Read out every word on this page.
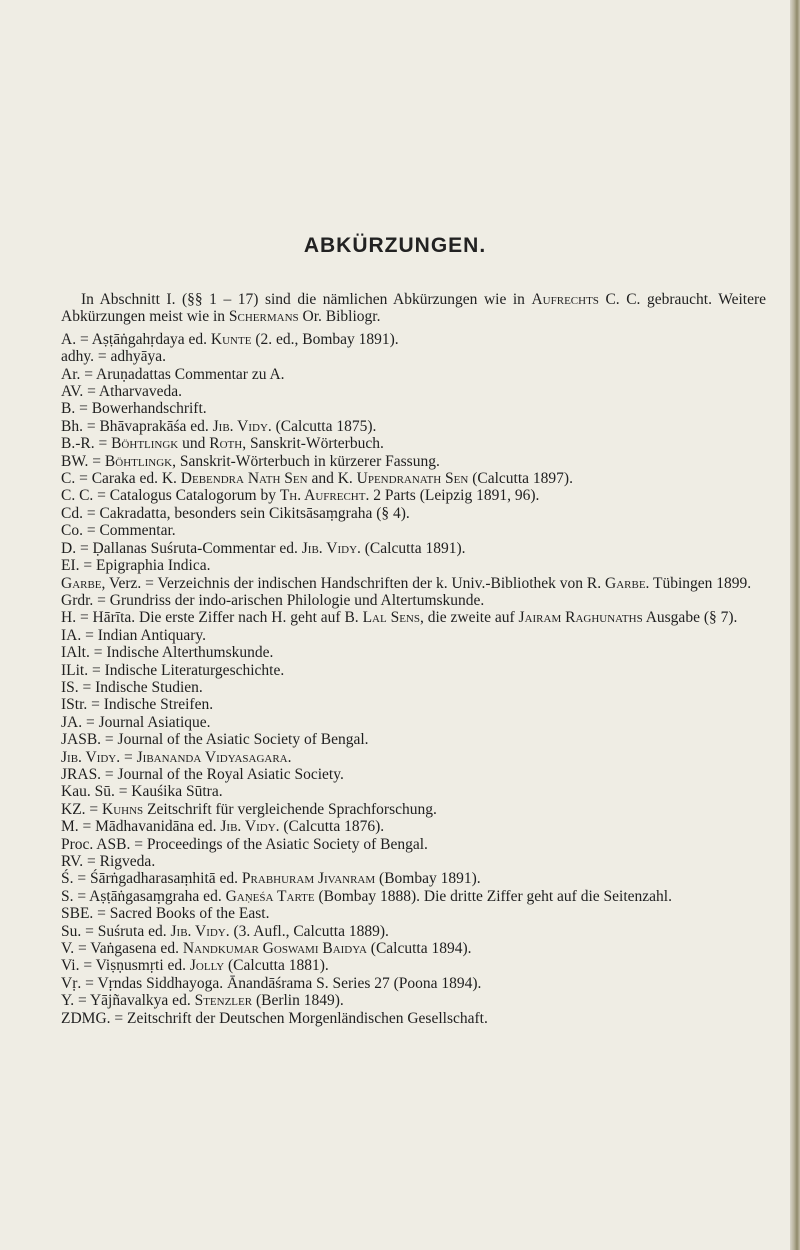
ABKÜRZUNGEN.

In Abschnitt I. (§§ 1 – 17) sind die nämlichen Abkürzungen wie in Aufrechts C. C. gebraucht. Weitere Abkürzungen meist wie in Schermans Or. Bibliogr.

A. = Aṣṭāṅgahṛdaya ed. Kunte (2. ed., Bombay 1891).
adhy. = adhyāya.
Ar. = Aruṇadattas Commentar zu A.
AV. = Atharvaveda.
B. = Bowerhandschrift.
Bh. = Bhāvaprakāśa ed. Jib. Vidy. (Calcutta 1875).
B.-R. = Böhtlingk und Roth, Sanskrit-Wörterbuch.
BW. = Böhtlingk, Sanskrit-Wörterbuch in kürzerer Fassung.
C. = Caraka ed. K. Debendra Nath Sen and K. Upendranath Sen (Calcutta 1897).
C. C. = Catalogus Catalogorum by Th. Aufrecht. 2 Parts (Leipzig 1891, 96).
Cd. = Cakradatta, besonders sein Cikitsāsaṃgraha (§ 4).
Co. = Commentar.
D. = Ḍallanas Suśruta-Commentar ed. Jib. Vidy. (Calcutta 1891).
EI. = Epigraphia Indica.
Garbe, Verz. = Verzeichnis der indischen Handschriften der k. Univ.-Bibliothek von R. Garbe. Tübingen 1899.
Grdr. = Grundriss der indo-arischen Philologie und Altertumskunde.
H. = Hārīta. Die erste Ziffer nach H. geht auf B. Lal Sens, die zweite auf Jairam Raghunaths Ausgabe (§ 7).
IA. = Indian Antiquary.
IAlt. = Indische Alterthumskunde.
ILit. = Indische Literaturgeschichte.
IS. = Indische Studien.
IStr. = Indische Streifen.
JA. = Journal Asiatique.
JASB. = Journal of the Asiatic Society of Bengal.
Jib. Vidy. = Jibananda Vidyasagara.
JRAS. = Journal of the Royal Asiatic Society.
Kau. Sū. = Kauśika Sūtra.
KZ. = Kuhns Zeitschrift für vergleichende Sprachforschung.
M. = Mādhavanidāna ed. Jib. Vidy. (Calcutta 1876).
Proc. ASB. = Proceedings of the Asiatic Society of Bengal.
RV. = Rigveda.
Ś. = Śārṅgadharasaṃhitā ed. Prabhuram Jivanram (Bombay 1891).
S. = Aṣṭāṅgasaṃgraha ed. Gaṇeśa Tarte (Bombay 1888). Die dritte Ziffer geht auf die Seitenzahl.
SBE. = Sacred Books of the East.
Su. = Suśruta ed. Jib. Vidy. (3. Aufl., Calcutta 1889).
V. = Vaṅgasena ed. Nandkumar Goswami Baidya (Calcutta 1894).
Vi. = Viṣṇusmṛti ed. Jolly (Calcutta 1881).
Vṛ. = Vṛndas Siddhayoga. Ānandāśrama S. Series 27 (Poona 1894).
Y. = Yājñavalkya ed. Stenzler (Berlin 1849).
ZDMG. = Zeitschrift der Deutschen Morgenländischen Gesellschaft.
